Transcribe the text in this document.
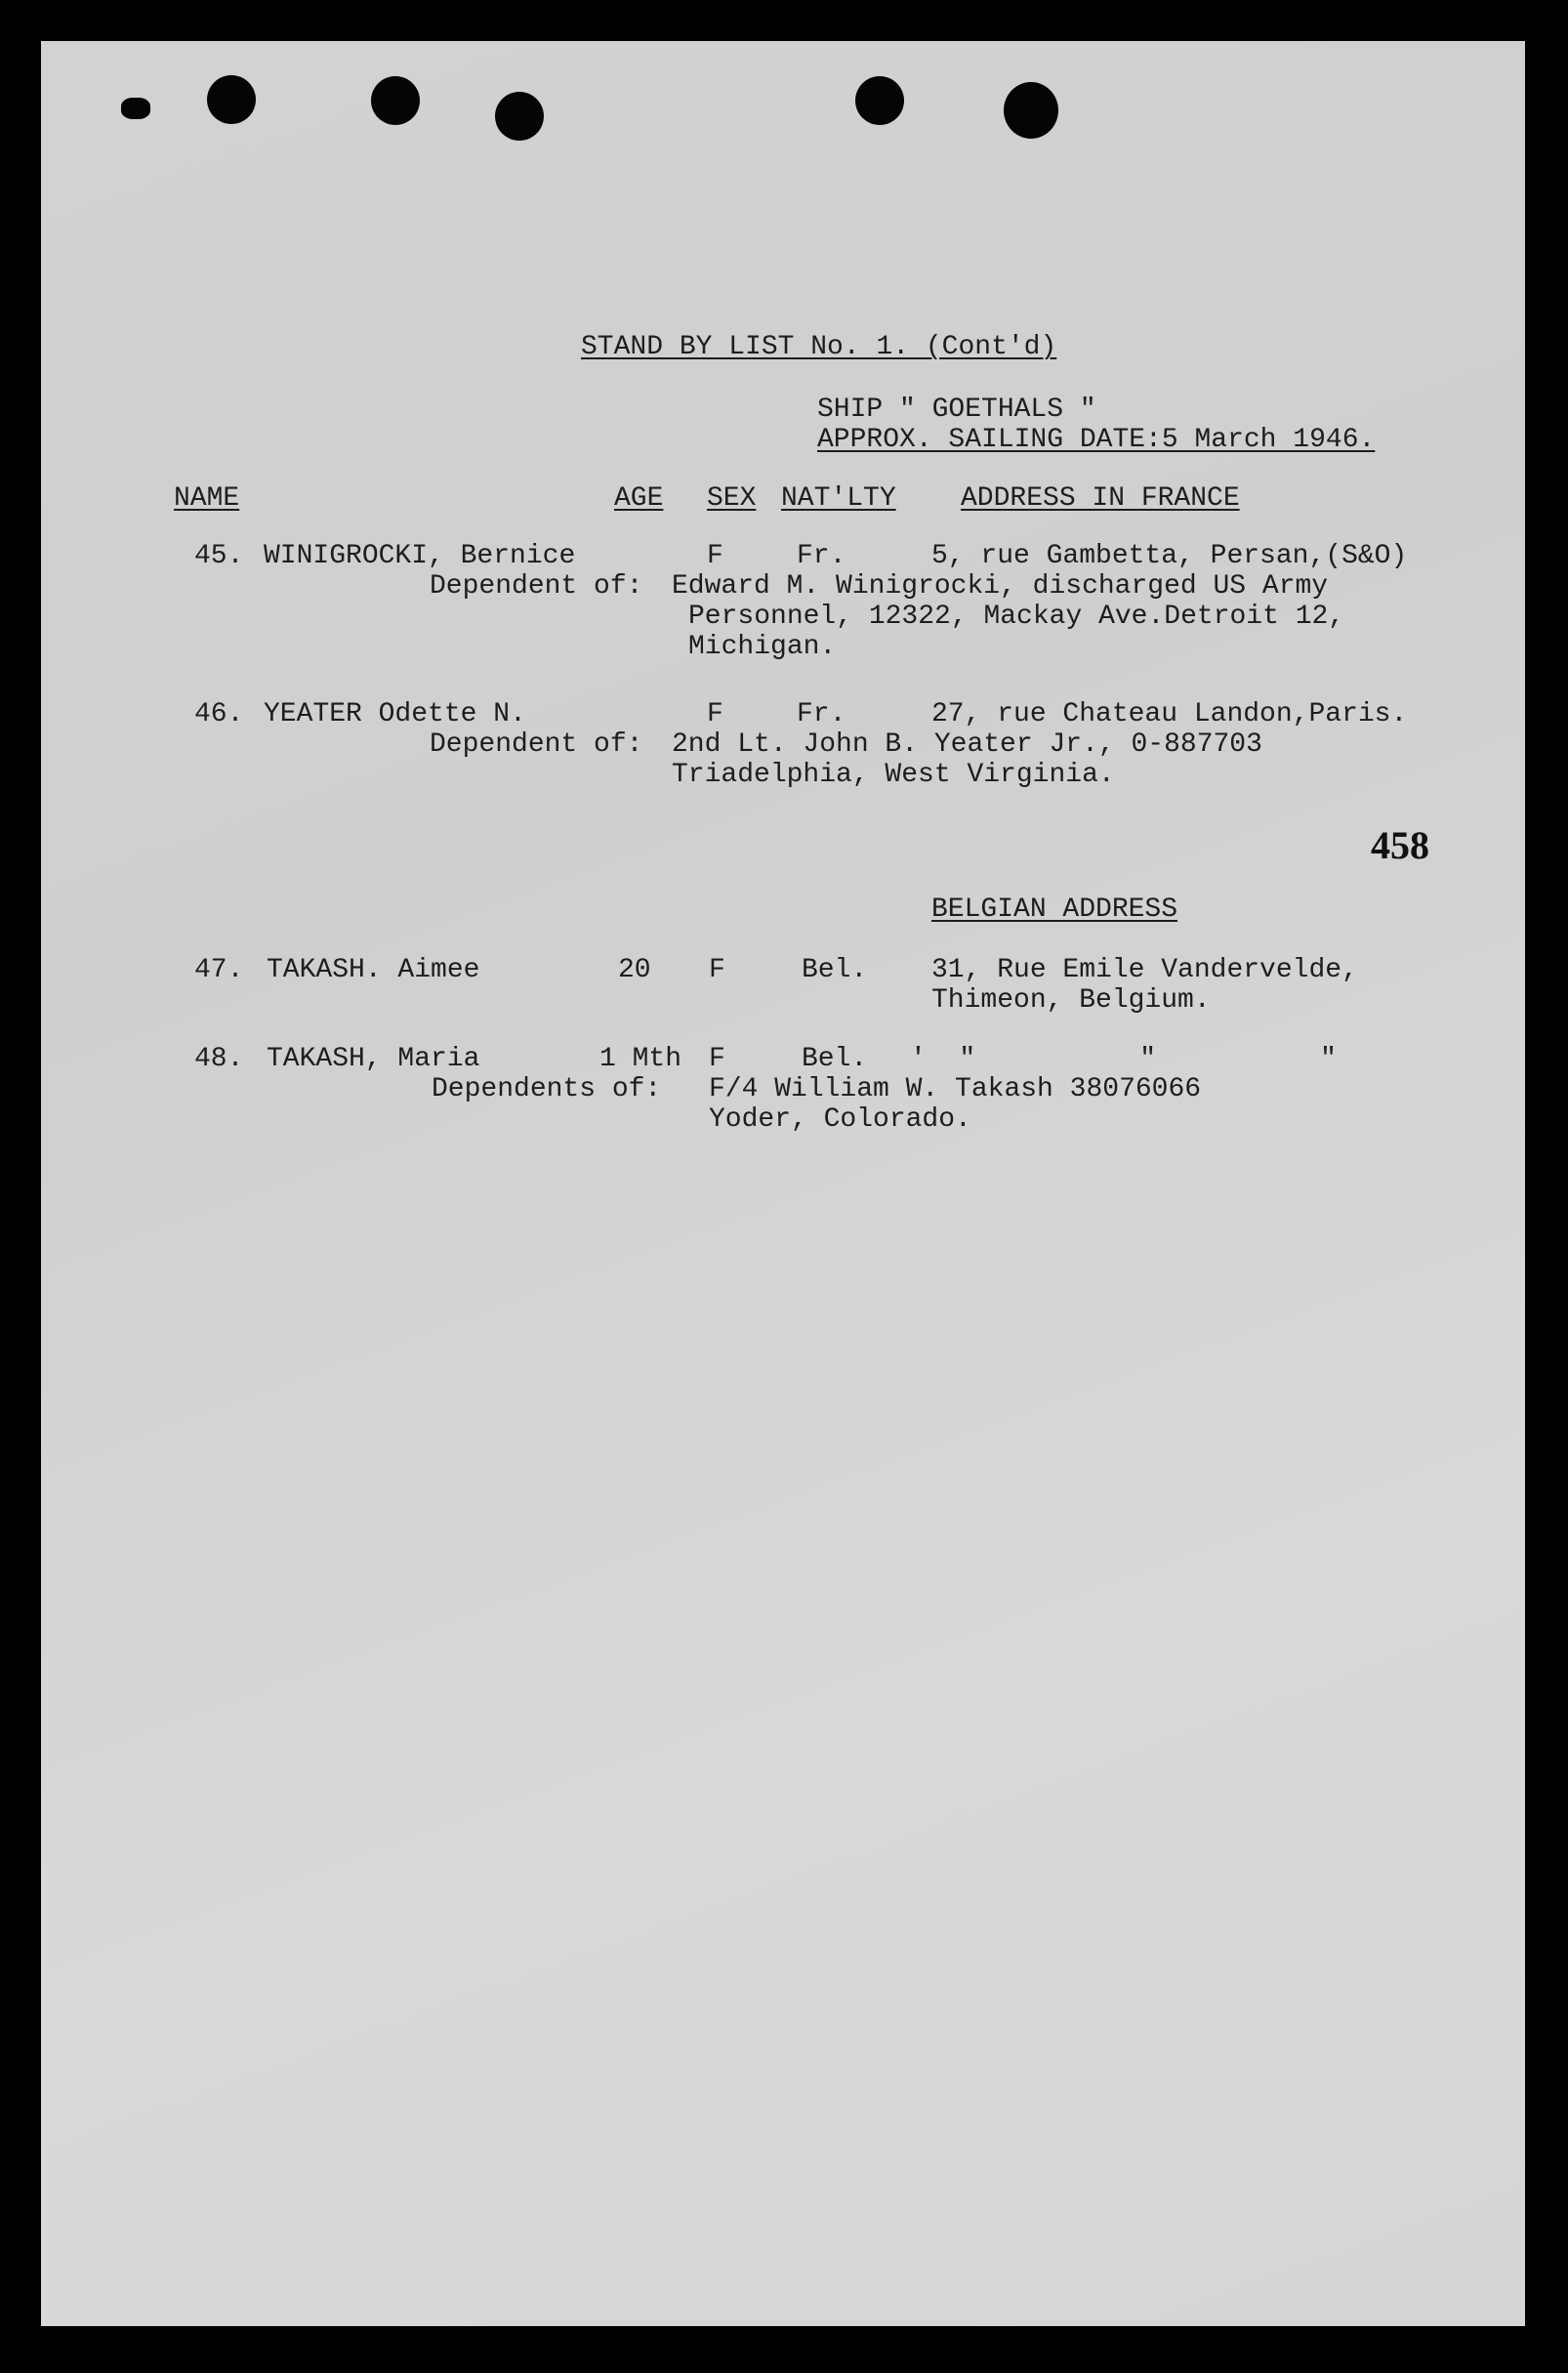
STAND BY LIST No. 1. (Cont'd)
SHIP " GOETHALS "
APPROX. SAILING DATE:5 March 1946.
NAME	AGE SEX NAT'LTY ADDRESS IN FRANCE
45. WINIGROCKI, Bernice	F	Fr.	5, rue Gambetta, Persan,(S&O)
Dependent of: Edward M. Winigrocki, discharged US Army
Personnel, 12322, Mackay Ave.Detroit 12,
Michigan.
46. YEATER Odette N.	F	Fr.	27, rue Chateau Landon,Paris.
Dependent of: 2nd Lt. John B. Yeater Jr., 0-887703
Triadelphia, West Virginia.
458
BELGIAN ADDRESS
47. TAKASH. Aimee	20 F	Bel. 31, Rue Emile Vandervelde,
Thimeon, Belgium.
48. TAKASH, Maria	1 Mth F	Bel. '  "          "          "
Dependents of: F/4 William W. Takash 38076066
Yoder, Colorado.
